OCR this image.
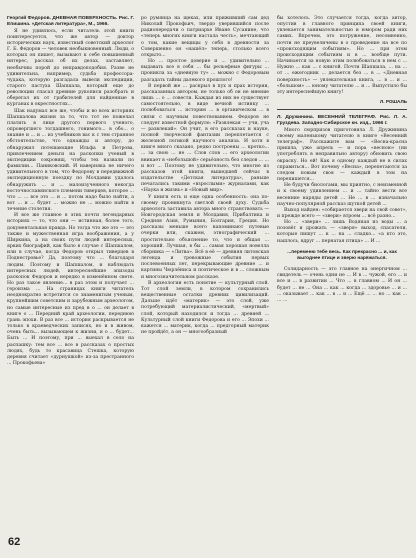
Георгий Федоров. ДНЕВНАЯ ПОВЕРХНОСТЬ. Рис. Г. Епишина. «Детская литература», М., 1966.

Я не удивлюсь, если читатель этой книги поинтересуется, что же автор — доктор исторических наук, известный советский археолог Г. Б. Федоров — человек необыкновенный. Люди, о которых он пишет, вызывают к себе повышенный интерес, рассказ об их делах, заставляет, необычны порой до неправдоподобия. Разве не удивительна, например, судьба профессора-чудака, которую разгадала вывели экспедиции, старого пастуха Шапшала, который еще до революции спасал древние рукописи разобрать и оберегал их от грабителей для найденные в курганах в окрестностях...

Шак надумал все же, чтобы и во всех историях Шапшалова жизни за то, что тот не пожелал платить в лице другого первого ученого, опровергшего тогдашнего, гонимого... в обо... о знание и ... и ... из учебников вас к с тем странное обстоятельство, что однажды и автору, до обнаружил потешающие Ильфа и Петрова, привлечением деньги на раскопки ученый в экспедиции сокровищ, чтобы тех назвали по фамилии... Паниковский. И наверняка не ничего удивительного в том, что Федорову в передвижной экспедиционную поездку по Молдавии удалось обнаружить ... и ... малоизученного некогда восточнославянского племени тиверцев, которое ... что ... ... все это ... и ... потом надо было найти, а вот ... и ... будет ... можно не ... можно найти в течение столетия.

И все же главное в этих почти легендарных историях — то, что они — истинная, более того, документальная правда. Но тогда что же это — это также и мужественная игра воображения, а у Ширкина, а на своих пути людей интересных, ярких биографий, как было в случае с Шапшалом, или в случае, когда Федоров открыл тиверцев в Поднестровье? Да, поэтому что ... благодаря людям. Поэтому и Шапшалом, и наблюдать интересных людей, интереснейшие эпизоды раскопок Федоров и нередко в изменённом свете. Но раз такое явление... в раз этом и получает ... героизма ... На страницах книги читатель неоднократно встретится со знаменитым ученым, крупнейшим советским и зарубежным археологом, но самые интересные из пред в о ... он делает в книге о ... Передний край археологии, переднюю грань эпохи. В раз все ... история раскрывается не только в краеведческих записях, но и в живом, очень быть... вызывающем к жизни, и о ... будет... Быть ... И поэтому, при ... выехал в село на распашку: тем все ... все в рассказах о простых людях, будь то красавица Стешка, которую деревня считает «дурнушкой» из-за престранного ... Прокофьева»

ро румянца на щеках, или приживший сам дед Николай Прокофьич, твердо уверившийся после радиопередачи о патриархе Иване Сусанине, что «теперь многих книги настала честь», мечтающий о том, какие вещицы у себя в древности за Совершенно он «нашёл» теперь, столько всего открыто...

Но ... простое доверие и ... удивительно ... выдавать все в себя ... бы рельефные фигуры ... проникла за «дневную ту» ... можно с Федоровым разгадать тайны далекого прошлого!

В первой же ... раскрыл в пух и прах истории, рассказанных автором, не только об он не мнение лишь ... о ... совести. Каждая из них не существует самостоятельно, в виде вечной истинку ... полюбоваться ... историю ... в органическом ... в связи с научным повествованием. Федоров не следует известной формуле: «Развлекая — учи, уча — развлекай». Он учит, в его рассказах и науке, полной творческой фантазии переплетается с железной логикой научного анализа. И хотя в книге много сказано, редко построены ... кротко... ... за свою ... не ... Слов слов ... его археологии вникает в «небольшой» серьёзность без следов ... ... и вот ... Поэтому не удивительно, что многие из рассказов этой книги, вышедшей сейчас в издательстве «Детская литература», раньше печатались такими «взрослыми» журналами, как «Наука и жизнь» и «Новый мир».

У книги есть и еще одна особенность: она по-своему проникнута светлой своей духу. Судьба археолога заставила автора много странствовать — Новгородская земля и Молдавия, Прибалтика и Средняя Азия, Румыния, Болгария, Греция. Но рассказы меньше всего напоминают путевые очерки или, скажем, этнографический ... простительно объяснение то, что и общая ... хороший. Лучшая, в бы ... самая хорошая новелла сборника — «Литва». Всё в её — древняя литовская легенда и тревожные события первых послевоенных лет, перекрывающие древние ... и картины Чюрлёниса и поэтическое и в ... сложным и многозначительном рассказе.

В археологии есть понятие — культурный слой. Тот слой земли, в котором сохранились вещественные остатки древних цивилизаций. Дальше идёт «материк» — это слой, уже потребующий материалистический, «мертвый» слой, который находился и тогда ... древней ... Культурный слой книги Федорова и его ... Эпохи ... кажется ... материк, когда ... предгорный материк не пройдёт, а он — многообразный

бы хотелось. Это случается тогда, когда автор, опустив в главного принципа своей книги, увлекается занимательностью и юмором ради них самих. Впрочем, это погружение, несомненно, почти не преувеличены в о проведение на все по «происходящим событиям». Но ... при этом происходящим событиям и в ... вообще пути. Начинается за новую этим полюбоваться в нем с ... Нужно ... как ... с книгой. Почти Шапшала, ... на ... от ... ежегодник ... делается без ... в ... «Дневная поверхность» — увлекательная книга, ... в ... и ... «большом» ... юному читателю ... и ... Выпустило бы эту интереснейшую книгу!

Л. РОШАЛЬ

Л. Дружинина. ВЕСЕННИЙ ТЕЛЕГРАФ. Рис. Л. А. Груздева. Западно-Сибирское кн. изд., 1966 г.

Много сюрпризов приготовила Л. Дружинина своему маленькому читателю в книге «Весенний телеграф». Расскажите вам — «Весна-красна пришла, уже апрель — и пора «весною» (ни употреблять в неправильно автору) обновить свою окраску. Но ей! Как я одному каждый не в силах справиться... Вот почему «Весна», перепетаются за следом новым своя — каждый в том на перепишется...

Не будучи биологами, мы приятно, с неизменной и к своему удивлением ... и ... тайно вести все весенние наряды детей ... Не ... в ... изначально научно-популярной рассказ шуткой детей ...

Выход найден: «собирается звери на свой совет», и прежде всего — «звери» втроем ... всё разно...

Но ... «звери» ... лишь Водяная из воды ... а позовёт и дрожать — «зверя» выход, спасатели, которые пишут ... к ... на ... сладко... «а кто это, нашлось, вдруг ... пернатая птица» ... И ...

...переменю тебе весь. Как прекрасно ... и, как выгоднее птице и зверю наряжаться.

Солидарность — это главное на энергичном ... свидетель — очень одни не ... И в ... чужой, его ... и все и ... в развитии ... Что ... в главном ... И он ... будет ... не ... Она ... как ... когда ... здоровье ... и ... ... оказывает ... как ... в ... и ... Ещё ... ... но ... как ... ... ...

62
